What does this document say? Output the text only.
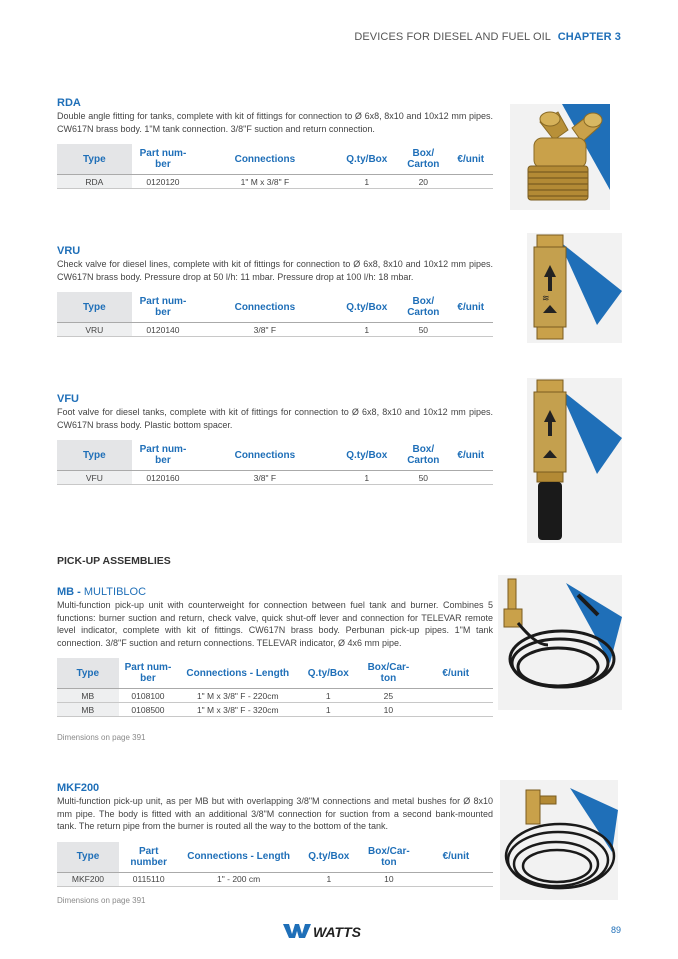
DEVICES FOR DIESEL AND FUEL OIL CHAPTER 3
RDA
Double angle fitting for tanks, complete with kit of fittings for connection to Ø 6x8, 8x10 and 10x12 mm pipes. CW617N brass body. 1"M tank connection. 3/8"F suction and return connection.
Type	Part num-ber	Connections	Q.ty/Box	Box/ Carton	€/unit
RDA	0120120	1" M x 3/8" F	1	20	
VRU
Check valve for diesel lines, complete with kit of fittings for connection to Ø 6x8, 8x10 and 10x12 mm pipes. CW617N brass body. Pressure drop at 50 l/h: 11 mbar. Pressure drop at 100 l/h: 18 mbar.
Type	Part num-ber	Connections	Q.ty/Box	Box/ Carton	€/unit
VRU	0120140	3/8" F	1	50	
VFU
Foot valve for diesel tanks, complete with kit of fittings for connection to Ø 6x8, 8x10 and 10x12 mm pipes. CW617N brass body. Plastic bottom spacer.
Type	Part num-ber	Connections	Q.ty/Box	Box/ Carton	€/unit
VFU	0120160	3/8" F	1	50	
PICK-UP ASSEMBLIES
MB - MULTIBLOC
Multi-function pick-up unit with counterweight for connection between fuel tank and burner. Combines 5 functions: burner suction and return, check valve, quick shut-off lever and connection for TELEVAR remote level indicator, complete with kit of fittings. CW617N brass body. Perbunan pick-up pipes. 1"M tank connection. 3/8"F suction and return connections. TELEVAR indicator, Ø 4x6 mm pipe.
Type	Part num-ber	Connections - Length	Q.ty/Box	Box/Car-ton	€/unit
MB	0108100	1" M x 3/8" F - 220cm	1	25	
MB	0108500	1" M x 3/8" F - 320cm	1	10	
Dimensions on page 391
MKF200
Multi-function pick-up unit, as per MB but with overlapping 3/8"M connections and metal bushes for Ø 8x10 mm pipe. The body is fitted with an additional 3/8"M connection for suction from a second bank-mounted tank. The return pipe from the burner is routed all the way to the bottom of the tank.
Type	Part number	Connections - Length	Q.ty/Box	Box/Car-ton	€/unit
MKF200	0115110	1" - 200 cm	1	10	
Dimensions on page 391
≋
WATTS	89
